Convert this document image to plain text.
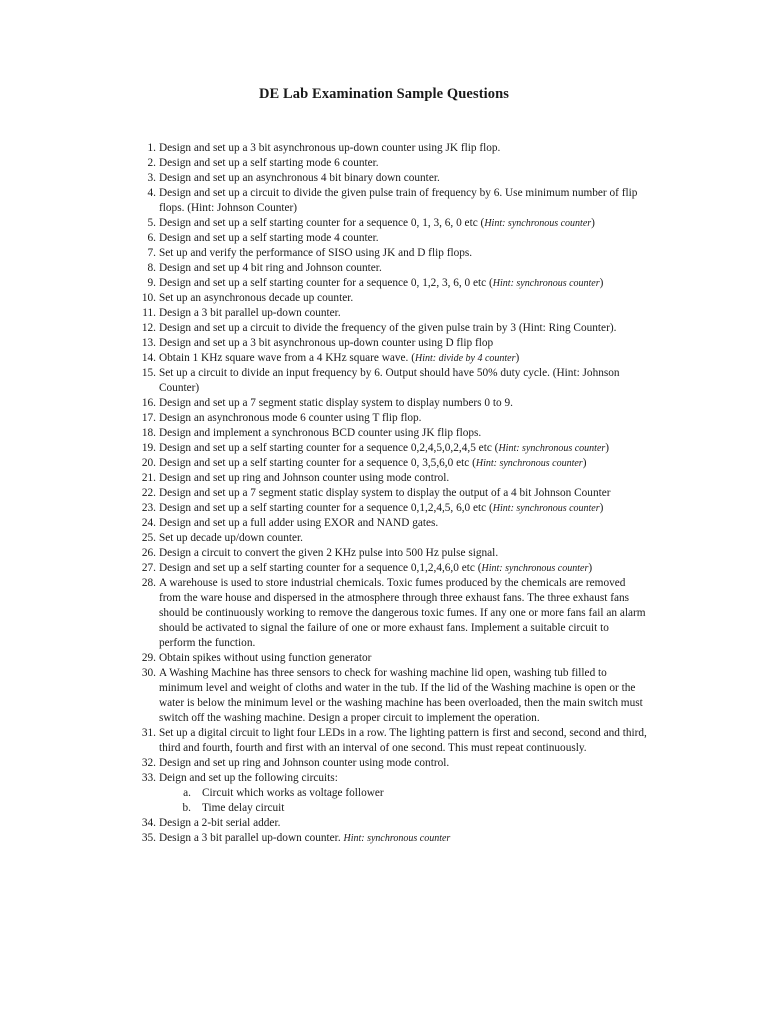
DE Lab Examination Sample Questions
1 . Design and set up a 3 bit asynchronous up-down counter using JK flip flop.
2 . Design and set up a self starting mode 6 counter.
3 . Design and set up an asynchronous 4 bit binary down counter.
4 . Design and set up a circuit to divide the given pulse train of frequency by 6. Use minimum number of flip flops. (Hint: Johnson Counter)
5 . Design and set up a self starting counter for a sequence 0, 1, 3, 6, 0 etc (Hint: synchronous counter)
6 . Design and set up a self starting mode 4 counter.
7 . Set up and verify the performance of SISO using JK and D flip flops.
8 . Design and set up 4 bit ring and Johnson counter.
9 . Design and set up a self starting counter for a sequence 0, 1,2, 3, 6, 0 etc (Hint: synchronous counter)
10 . Set up an asynchronous decade up counter.
11 . Design a 3 bit parallel up-down counter.
12 . Design and set up a circuit to divide the frequency of the given pulse train by 3 (Hint: Ring Counter).
13 . Design and set up a 3 bit asynchronous up-down counter using D flip flop
14 . Obtain 1 KHz square wave from a 4 KHz square wave. (Hint: divide by 4 counter)
15 . Set up a circuit to divide an input frequency by 6. Output should have 50% duty cycle. (Hint: Johnson Counter)
16 . Design and set up a 7 segment static display system to display numbers 0 to 9.
17 . Design an asynchronous mode 6 counter using T flip flop.
18 . Design and implement a synchronous BCD counter using JK flip flops.
19 . Design and set up a self starting counter for a sequence 0,2,4,5,0,2,4,5 etc (Hint: synchronous counter)
20 . Design and set up a self starting counter for a sequence 0, 3,5,6,0 etc (Hint: synchronous counter)
21 . Design and set up ring and Johnson counter using mode control.
22 . Design and set up a 7 segment static display system to display the output of a 4 bit Johnson Counter
23 . Design and set up a self starting counter for a sequence 0,1,2,4,5, 6,0 etc (Hint: synchronous counter)
24 . Design and set up a full adder using EXOR and NAND gates.
25 . Set up decade up/down counter.
26 . Design a circuit to convert the given 2 KHz pulse into 500 Hz pulse signal.
27 . Design and set up a self starting counter for a sequence 0,1,2,4,6,0 etc (Hint: synchronous counter)
28 . A warehouse is used to store industrial chemicals. Toxic fumes produced by the chemicals are removed from the ware house and dispersed in the atmosphere through three exhaust fans. The three exhaust fans should be continuously working to remove the dangerous toxic fumes. If any one or more fans fail an alarm should be activated to signal the failure of one or more exhaust fans. Implement a suitable circuit to perform the function.
29 . Obtain spikes without using function generator
30 . A Washing Machine has three sensors to check for washing machine lid open, washing tub filled to minimum level and weight of cloths and water in the tub. If the lid of the Washing machine is open or the water is below the minimum level or the washing machine has been overloaded, then the main switch must switch off the washing machine. Design a proper circuit to implement the operation.
31 . Set up a digital circuit to light four LEDs in a row. The lighting pattern is first and second, second and third, third and fourth, fourth and first with an interval of one second. This must repeat continuously.
32 . Design and set up ring and Johnson counter using mode control.
33 . Deign and set up the following circuits:
a . Circuit which works as voltage follower
b . Time delay circuit
34 . Design a 2-bit serial adder.
35 . Design a 3 bit parallel up-down counter. Hint: synchronous counter
